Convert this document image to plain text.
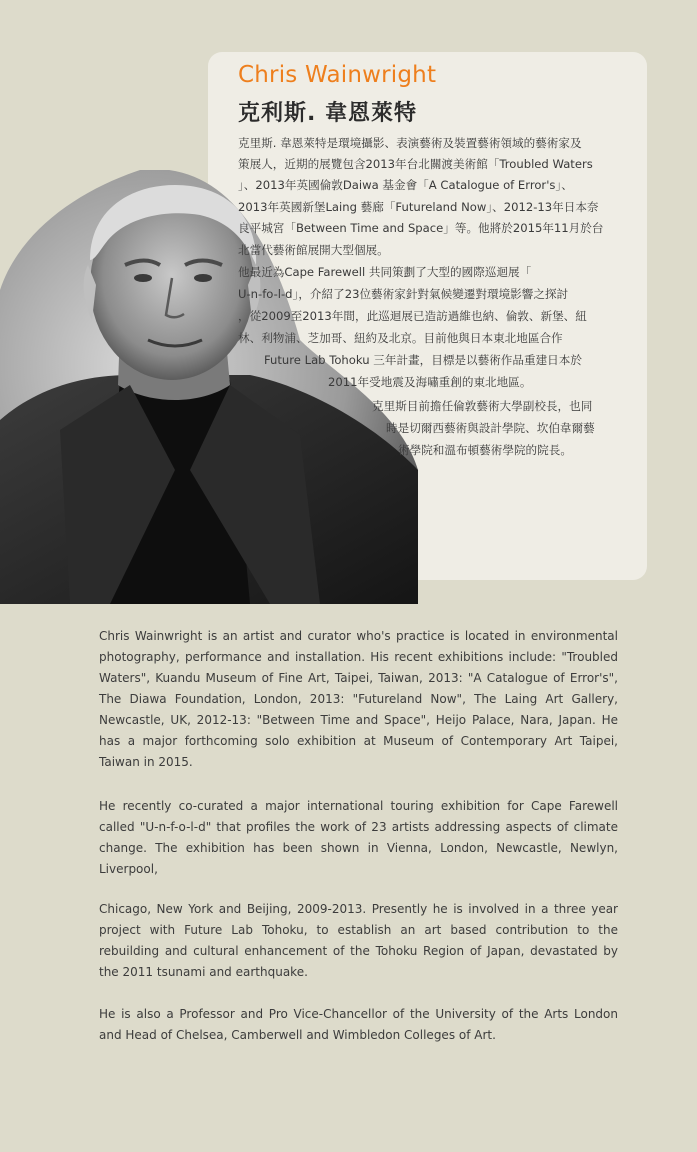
Chris Wainwright
克利斯. 韋恩萊特
克里斯. 韋恩萊特是環境攝影、表演藝術及裝置藝術領域的藝術家及
策展人，近期的展覽包含2013年台北關渡美術館「Troubled Waters
」、2013年英國倫敦Daiwa 基金會「A Catalogue of Error's」、
2013年英國新堡Laing 藝廊「Futureland Now」、2012-13年日本奈
良平城宮「Between Time and Space」等。他將於2015年11月於台
北當代藝術館展開大型個展。
他最近為Cape Farewell 共同策劃了大型的國際巡迴展「
U-n-fo-l-d」，介紹了23位藝術家針對氣候變遷對環境影響之探討
，從2009至2013年間，此巡迴展已造訪過維也納、倫敦、新堡、紐
林、利物浦、芝加哥、紐約及北京。目前他與日本東北地區合作
Future Lab Tohoku 三年計畫，目標是以藝術作品重建日本於
2011年受地震及海嘯重創的東北地區。
克里斯目前擔任倫敦藝術大學副校長，也同
時是切爾西藝術與設計學院、坎伯韋爾藝
術學院和溫布頓藝術學院的院長。

Chris Wainwright is an artist and curator who's practice is located in environmental photography, performance and installation. His recent exhibitions include: "Troubled Waters", Kuandu Museum of Fine Art, Taipei, Taiwan, 2013: "A Catalogue of Error's", The Diawa Foundation, London, 2013: "Futureland Now", The Laing Art Gallery, Newcastle, UK, 2012-13: "Between Time and Space", Heijo Palace, Nara, Japan. He has a major forthcoming solo exhibition at Museum of Contemporary Art Taipei, Taiwan in 2015.

He recently co-curated a major international touring exhibition for Cape Farewell called "U-n-f-o-l-d" that profiles the work of 23 artists addressing aspects of climate change. The exhibition has been shown in Vienna, London, Newcastle, Newlyn, Liverpool,

Chicago, New York and Beijing, 2009-2013. Presently he is involved in a three year project with Future Lab Tohoku, to establish an art based contribution to the rebuilding and cultural enhancement of the Tohoku Region of Japan, devastated by the 2011 tsunami and earthquake.

He is also a Professor and Pro Vice-Chancellor of the University of the Arts London and Head of Chelsea, Camberwell and Wimbledon Colleges of Art.
